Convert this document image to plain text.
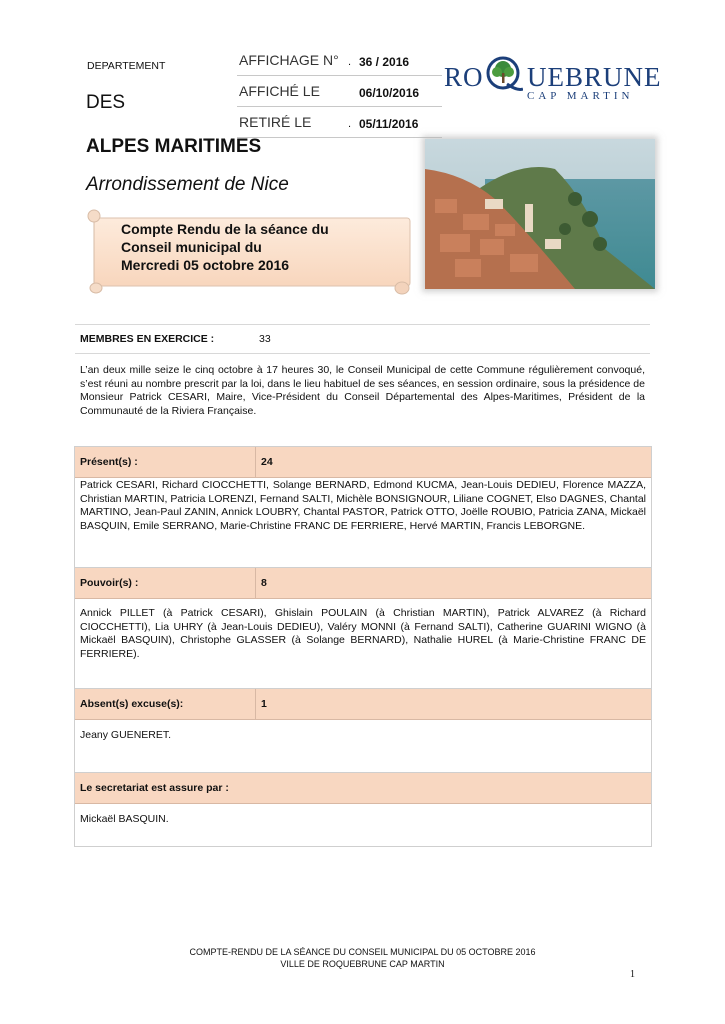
DEPARTEMENT
DES
ALPES MARITIMES
Arrondissement de Nice
AFFICHAGE N° . 36 / 2016
AFFICHÉ LE	06/10/2016
RETIRÉ LE	. 05/11/2016
RO UEBRUNE
CAP MARTIN
Compte Rendu de la séance du
Conseil municipal du
Mercredi 05 octobre 2016
MEMBRES EN EXERCICE :	33
L’an deux mille seize le cinq octobre à 17 heures 30, le Conseil Municipal de cette Commune régulièrement convoqué, s’est réuni au nombre prescrit par la loi, dans le lieu habituel de ses séances, en session ordinaire, sous la présidence de Monsieur Patrick CESARI, Maire, Vice-Président du Conseil Départemental des Alpes-Maritimes, Président de la Communauté de la Riviera Française.
Présent(s) :	24
Patrick CESARI, Richard CIOCCHETTI, Solange BERNARD, Edmond KUCMA, Jean-Louis DEDIEU, Florence MAZZA, Christian MARTIN, Patricia LORENZI, Fernand SALTI, Michèle BONSIGNOUR, Liliane COGNET, Elso DAGNES, Chantal MARTINO, Jean-Paul ZANIN, Annick LOUBRY, Chantal PASTOR, Patrick OTTO, Joëlle ROUBIO, Patricia ZANA, Mickaël BASQUIN, Emile SERRANO, Marie-Christine FRANC DE FERRIERE, Hervé MARTIN, Francis LEBORGNE.
Pouvoir(s) :	8
Annick PILLET (à Patrick CESARI), Ghislain POULAIN (à Christian MARTIN), Patrick ALVAREZ (à Richard CIOCCHETTI), Lia UHRY (à Jean-Louis DEDIEU), Valéry MONNI (à Fernand SALTI), Catherine GUARINI WIGNO (à Mickaël BASQUIN), Christophe GLASSER (à Solange BERNARD), Nathalie HUREL (à Marie-Christine FRANC DE FERRIERE).
Absent(s) excuse(s):	1
Jeany GUENERET.
Le secretariat est assure par :
Mickaël BASQUIN.
COMPTE-RENDU DE LA SÉANCE DU CONSEIL MUNICIPAL DU 05 OCTOBRE 2016
VILLE DE ROQUEBRUNE CAP MARTIN
1
